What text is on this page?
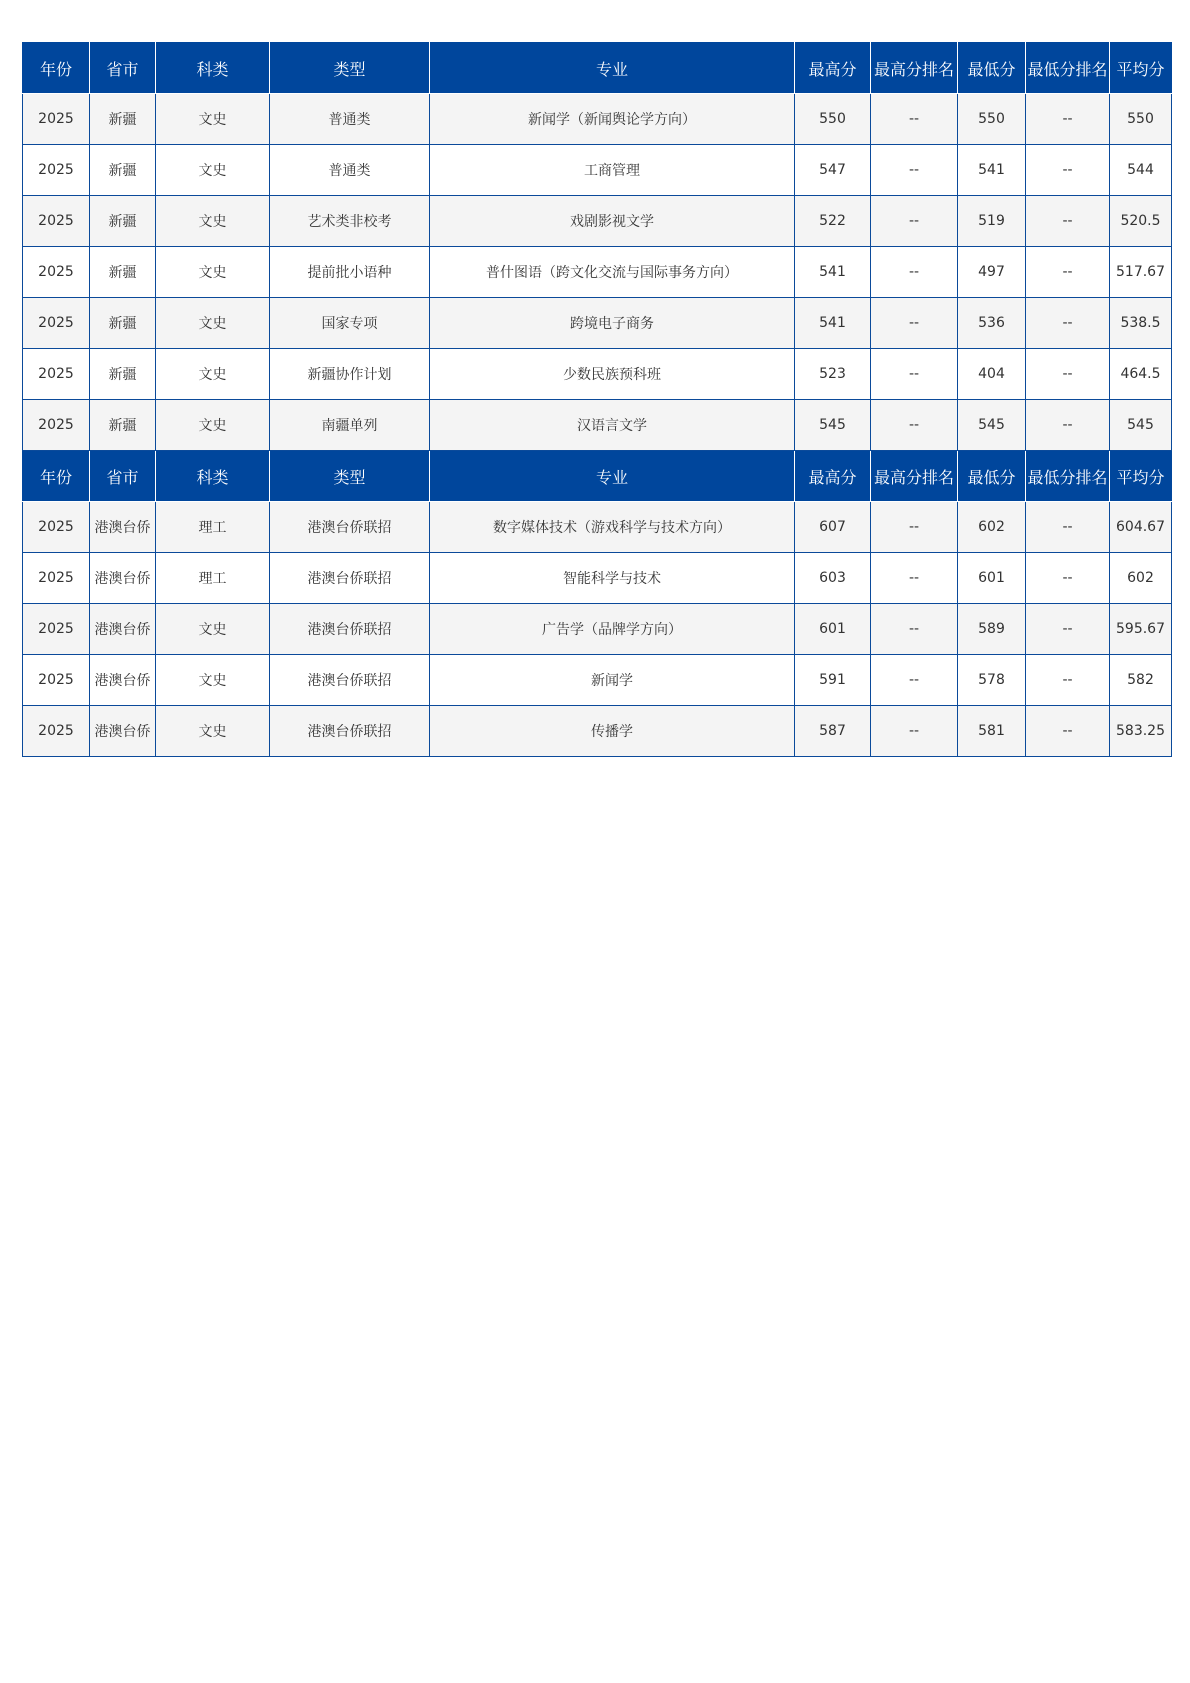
年份	省市	科类	类型	专业	最高分	最高分排名	最低分	最低分排名	平均分
2025	新疆	文史	普通类	新闻学（新闻舆论学方向）	550	--	550	--	550
2025	新疆	文史	普通类	工商管理	547	--	541	--	544
2025	新疆	文史	艺术类非校考	戏剧影视文学	522	--	519	--	520.5
2025	新疆	文史	提前批小语种	普什图语（跨文化交流与国际事务方向）	541	--	497	--	517.67
2025	新疆	文史	国家专项	跨境电子商务	541	--	536	--	538.5
2025	新疆	文史	新疆协作计划	少数民族预科班	523	--	404	--	464.5
2025	新疆	文史	南疆单列	汉语言文学	545	--	545	--	545
年份	省市	科类	类型	专业	最高分	最高分排名	最低分	最低分排名	平均分
2025	港澳台侨	理工	港澳台侨联招	数字媒体技术（游戏科学与技术方向）	607	--	602	--	604.67
2025	港澳台侨	理工	港澳台侨联招	智能科学与技术	603	--	601	--	602
2025	港澳台侨	文史	港澳台侨联招	广告学（品牌学方向）	601	--	589	--	595.67
2025	港澳台侨	文史	港澳台侨联招	新闻学	591	--	578	--	582
2025	港澳台侨	文史	港澳台侨联招	传播学	587	--	581	--	583.25
